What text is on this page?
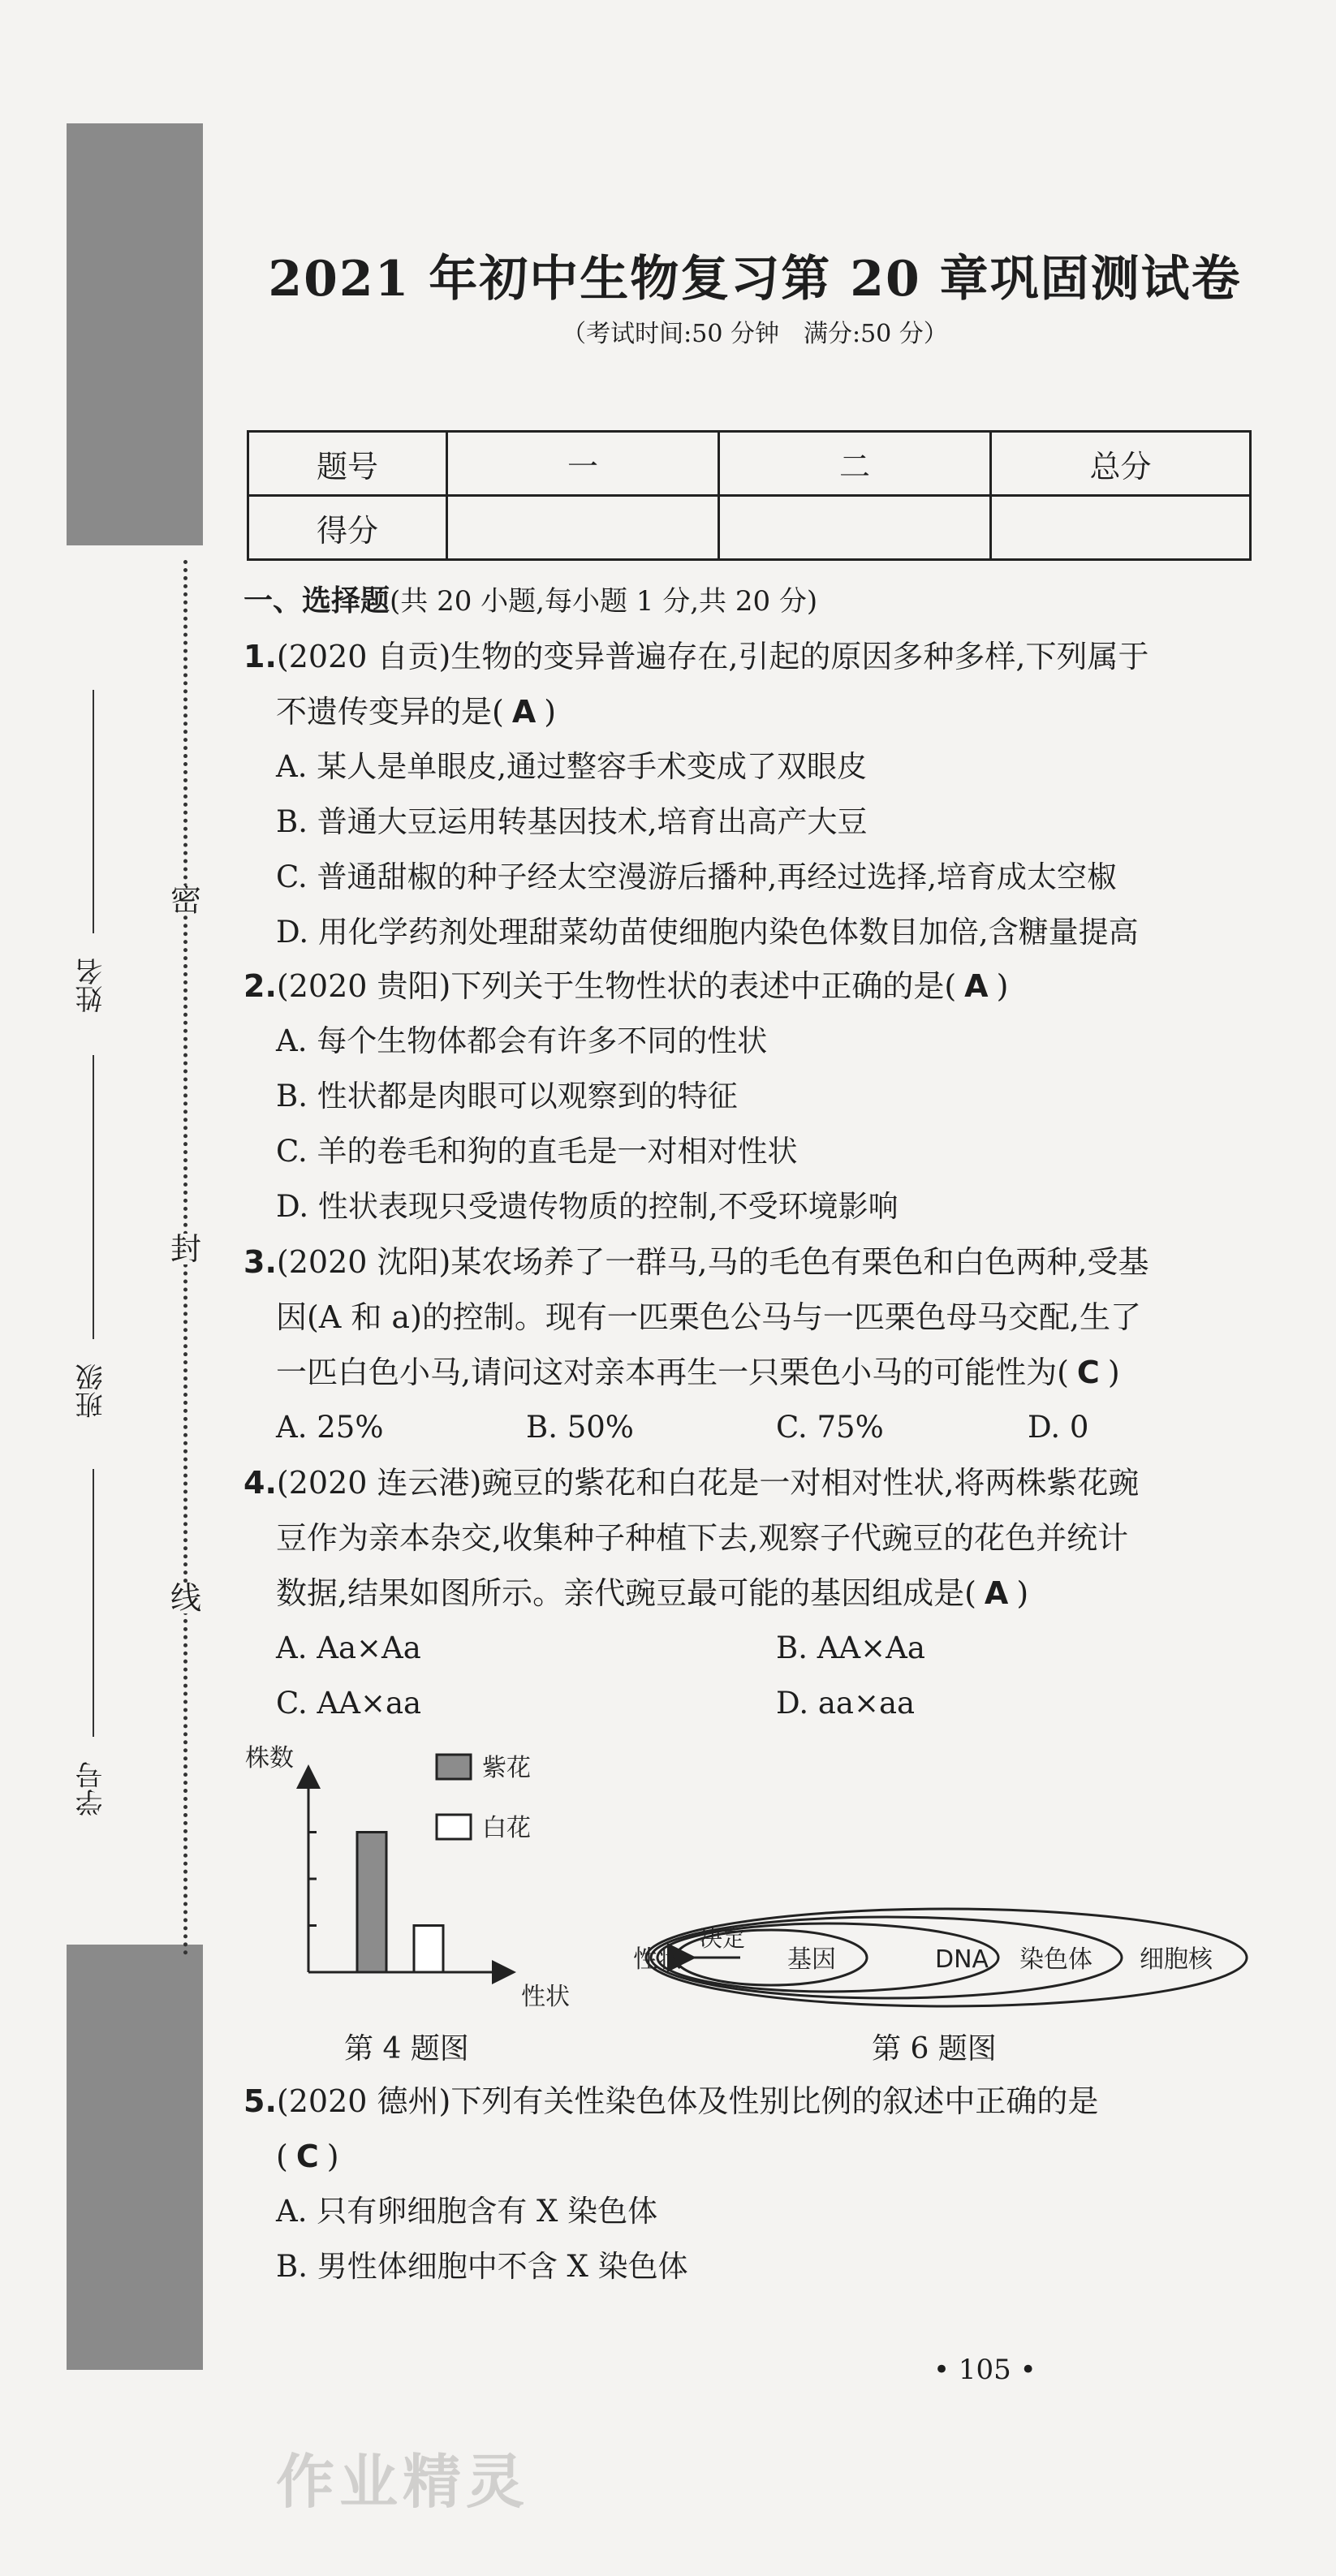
密
封
线
姓名
班级
学号
2021 年初中生物复习第 20 章巩固测试卷
（考试时间:50 分钟　满分:50 分）
题号	一	二	总分
得分			
一、选择题(共 20 小题,每小题 1 分,共 20 分)
1.(2020 自贡)生物的变异普遍存在,引起的原因多种多样,下列属于
不遗传变异的是( A )
A. 某人是单眼皮,通过整容手术变成了双眼皮
B. 普通大豆运用转基因技术,培育出高产大豆
C. 普通甜椒的种子经太空漫游后播种,再经过选择,培育成太空椒
D. 用化学药剂处理甜菜幼苗使细胞内染色体数目加倍,含糖量提高
2.(2020 贵阳)下列关于生物性状的表述中正确的是( A )
A. 每个生物体都会有许多不同的性状
B. 性状都是肉眼可以观察到的特征
C. 羊的卷毛和狗的直毛是一对相对性状
D. 性状表现只受遗传物质的控制,不受环境影响
3.(2020 沈阳)某农场养了一群马,马的毛色有栗色和白色两种,受基
因(A 和 a)的控制。现有一匹栗色公马与一匹栗色母马交配,生了
一匹白色小马,请问这对亲本再生一只栗色小马的可能性为( C )
A. 25%	B. 50%	C. 75%	D. 0
4.(2020 连云港)豌豆的紫花和白花是一对相对性状,将两株紫花豌
豆作为亲本杂交,收集种子种植下去,观察子代豌豆的花色并统计
数据,结果如图所示。亲代豌豆最可能的基因组成是( A )
A. Aa×Aa	B. AA×Aa
C. AA×aa	D. aa×aa
株数
性状
紫花
白花
第 4 题图
性状
决定
基因	DNA 染色体 细胞核
第 6 题图
5.(2020 德州)下列有关性染色体及性别比例的叙述中正确的是
( C )
A. 只有卵细胞含有 X 染色体
B. 男性体细胞中不含 X 染色体
• 105 •
作业精灵
